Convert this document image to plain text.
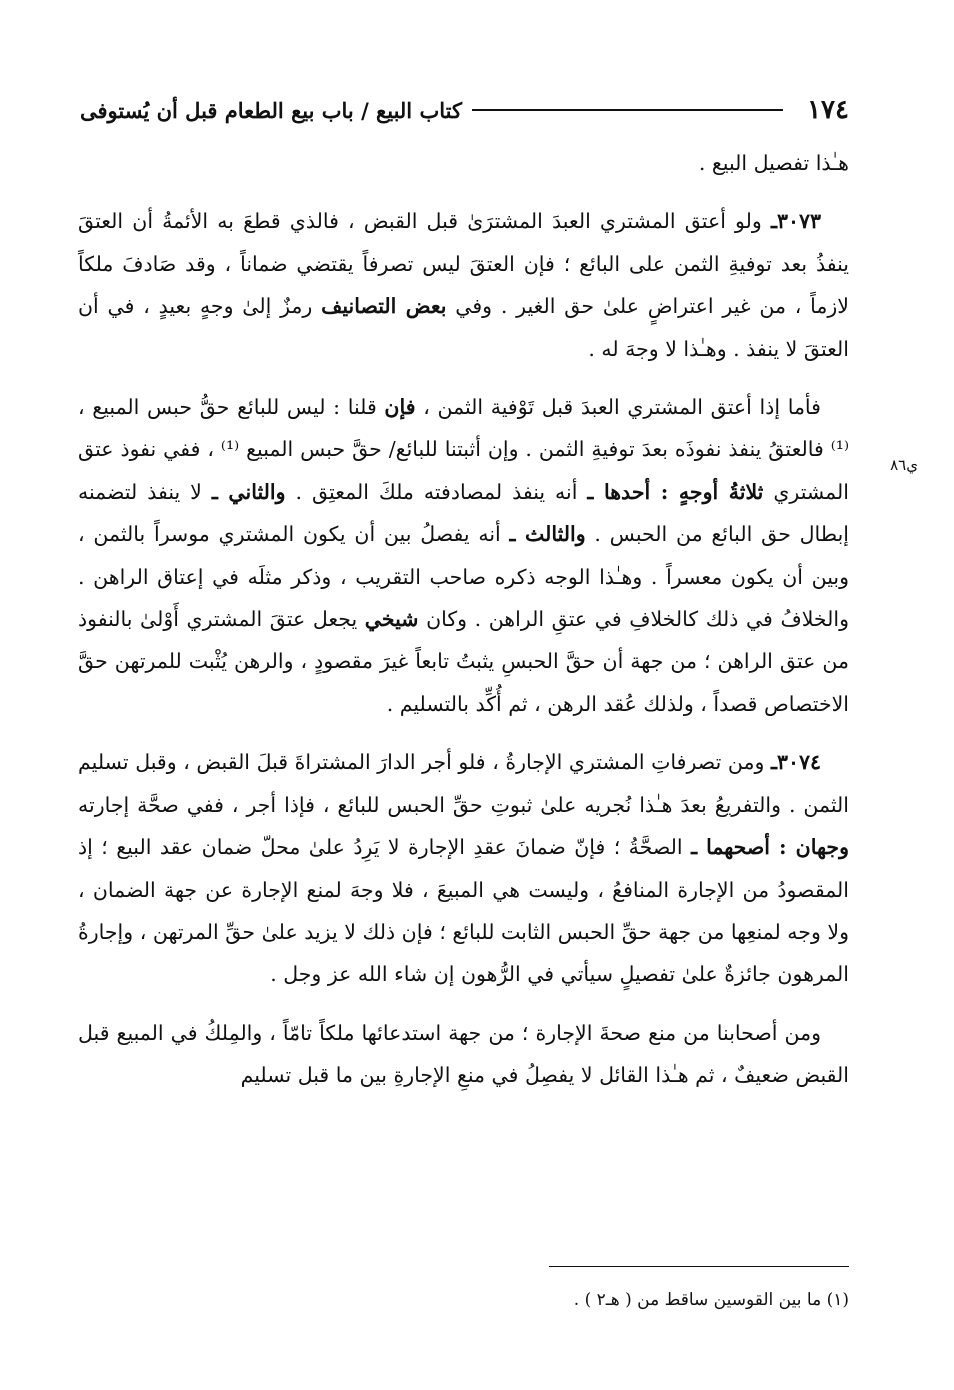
١٧٤
كتاب البيع / باب بيع الطعام قبل أن يُستوفى
ي٨٦

هـٰذا تفصيل البيع .

٣٠٧٣ـ ولو أعتق المشتري العبدَ المشترَىٰ قبل القبض ، فالذي قطعَ به الأئمةُ أن العتقَ ينفذُ بعد توفيةِ الثمن على البائع ؛ فإن العتقَ ليس تصرفاً يقتضي ضماناً ، وقد صَادفَ ملكاً لازماً ، من غير اعتراضٍ علىٰ حق الغير . وفي بعض التصانيف رمزٌ إلىٰ وجهٍ بعيدٍ ، في أن العتقَ لا ينفذ . وهـٰذا لا وجهَ له .

فأما إذا أعتق المشتري العبدَ قبل تَوْفية الثمن ، فإن قلنا : ليس للبائع حقُّ حبس المبيع ، ⁽¹⁾ فالعتقُ ينفذ نفوذَه بعدَ توفيةِ الثمن . وإن أثبتنا للبائع/ حقَّ حبس المبيع ⁽¹⁾ ، ففي نفوذ عتق المشتري ثلاثةُ أوجهٍ : أحدها ـ أنه ينفذ لمصادفته ملكَ المعتِق . والثاني ـ لا ينفذ لتضمنه إبطال حق البائع من الحبس . والثالث ـ أنه يفصلُ بين أن يكون المشتري موسراً بالثمن ، وبين أن يكون معسراً . وهـٰذا الوجه ذكره صاحب التقريب ، وذكر مثلَه في إعتاق الراهن . والخلافُ في ذلك كالخلافِ في عتقِ الراهن . وكان شيخي يجعل عتقَ المشتري أَوْلىٰ بالنفوذ من عتق الراهن ؛ من جهة أن حقَّ الحبسِ يثبتُ تابعاً غيرَ مقصودٍ ، والرهن يُثْبت للمرتهن حقَّ الاختصاص قصداً ، ولذلك عُقد الرهن ، ثم أُكِّد بالتسليم .

٣٠٧٤ـ ومن تصرفاتِ المشتري الإجارةُ ، فلو أجر الدارَ المشتراةَ قبلَ القبض ، وقبل تسليم الثمن . والتفريعُ بعدَ هـٰذا نُجريه علىٰ ثبوتِ حقِّ الحبس للبائع ، فإذا أجر ، ففي صحَّة إجارته وجهان : أصحهما ـ الصحَّةُ ؛ فإنّ ضمانَ عقدِ الإجارة لا يَرِدُ علىٰ محلّ ضمان عقد البيع ؛ إذ المقصودُ من الإجارة المنافعُ ، وليست هي المبيعَ ، فلا وجهَ لمنع الإجارة عن جهة الضمان ، ولا وجه لمنعِها من جهة حقِّ الحبس الثابت للبائع ؛ فإن ذلك لا يزيد علىٰ حقِّ المرتهن ، وإجارةُ المرهون جائزةٌ علىٰ تفصيلٍ سيأتي في الرُّهون إن شاء الله عز وجل .

ومن أصحابنا من منع صحةَ الإجارة ؛ من جهة استدعائها ملكاً تامّاً ، والمِلكُ في المبيع قبل القبض ضعيفٌ ، ثم هـٰذا القائل لا يفصِلُ في منعِ الإجارةِ بين ما قبل تسليم

(١) ما بين القوسين ساقط من ( هـ٢ ) .
